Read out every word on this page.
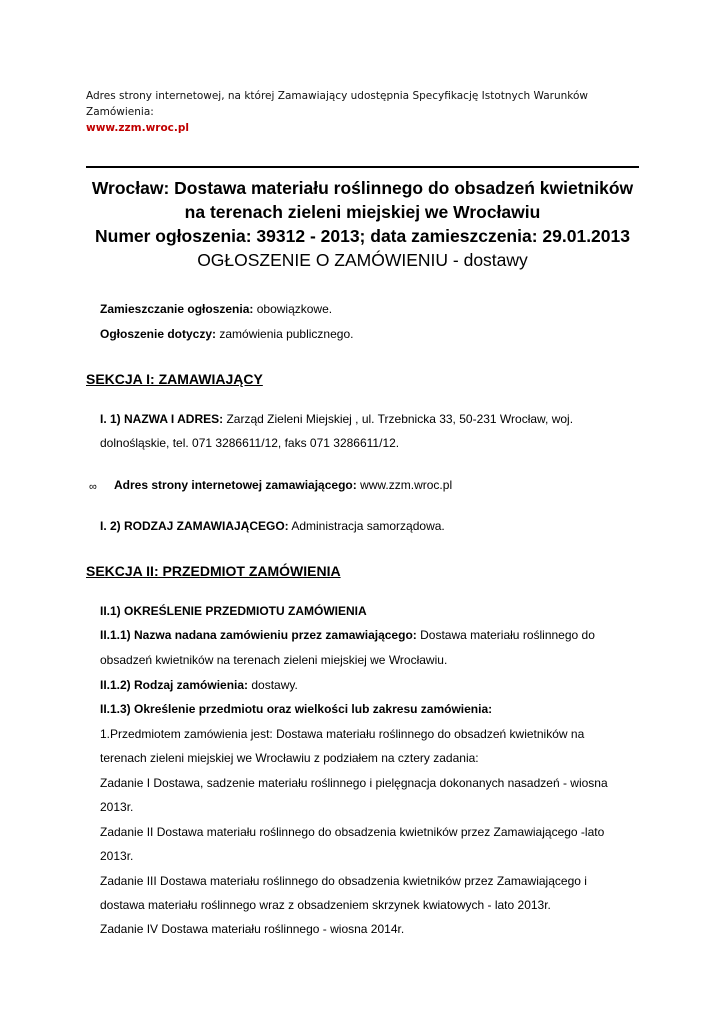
Adres strony internetowej, na której Zamawiający udostępnia Specyfikację Istotnych Warunków Zamówienia:
www.zzm.wroc.pl
Wrocław: Dostawa materiału roślinnego do obsadzeń kwietników
na terenach zieleni miejskiej we Wrocławiu
Numer ogłoszenia: 39312 - 2013; data zamieszczenia: 29.01.2013
OGŁOSZENIE O ZAMÓWIENIU - dostawy
Zamieszczanie ogłoszenia: obowiązkowe.
Ogłoszenie dotyczy: zamówienia publicznego.
SEKCJA I: ZAMAWIAJĄCY
I. 1) NAZWA I ADRES: Zarząd Zieleni Miejskiej , ul. Trzebnicka 33, 50-231 Wrocław, woj.
dolnośląskie, tel. 071 3286611/12, faks 071 3286611/12.
∞ Adres strony internetowej zamawiającego: www.zzm.wroc.pl
I. 2) RODZAJ ZAMAWIAJĄCEGO: Administracja samorządowa.
SEKCJA II: PRZEDMIOT ZAMÓWIENIA
II.1) OKREŚLENIE PRZEDMIOTU ZAMÓWIENIA
II.1.1) Nazwa nadana zamówieniu przez zamawiającego: Dostawa materiału roślinnego do
obsadzeń kwietników na terenach zieleni miejskiej we Wrocławiu.
II.1.2) Rodzaj zamówienia: dostawy.
II.1.3) Określenie przedmiotu oraz wielkości lub zakresu zamówienia:
1.Przedmiotem zamówienia jest: Dostawa materiału roślinnego do obsadzeń kwietników na
terenach zieleni miejskiej we Wrocławiu z podziałem na cztery zadania:
Zadanie I Dostawa, sadzenie materiału roślinnego i pielęgnacja dokonanych nasadzeń - wiosna
2013r.
Zadanie II Dostawa materiału roślinnego do obsadzenia kwietników przez Zamawiającego -lato
2013r.
Zadanie III Dostawa materiału roślinnego do obsadzenia kwietników przez Zamawiającego i
dostawa materiału roślinnego wraz z obsadzeniem skrzynek kwiatowych - lato 2013r.
Zadanie IV Dostawa materiału roślinnego - wiosna 2014r.
